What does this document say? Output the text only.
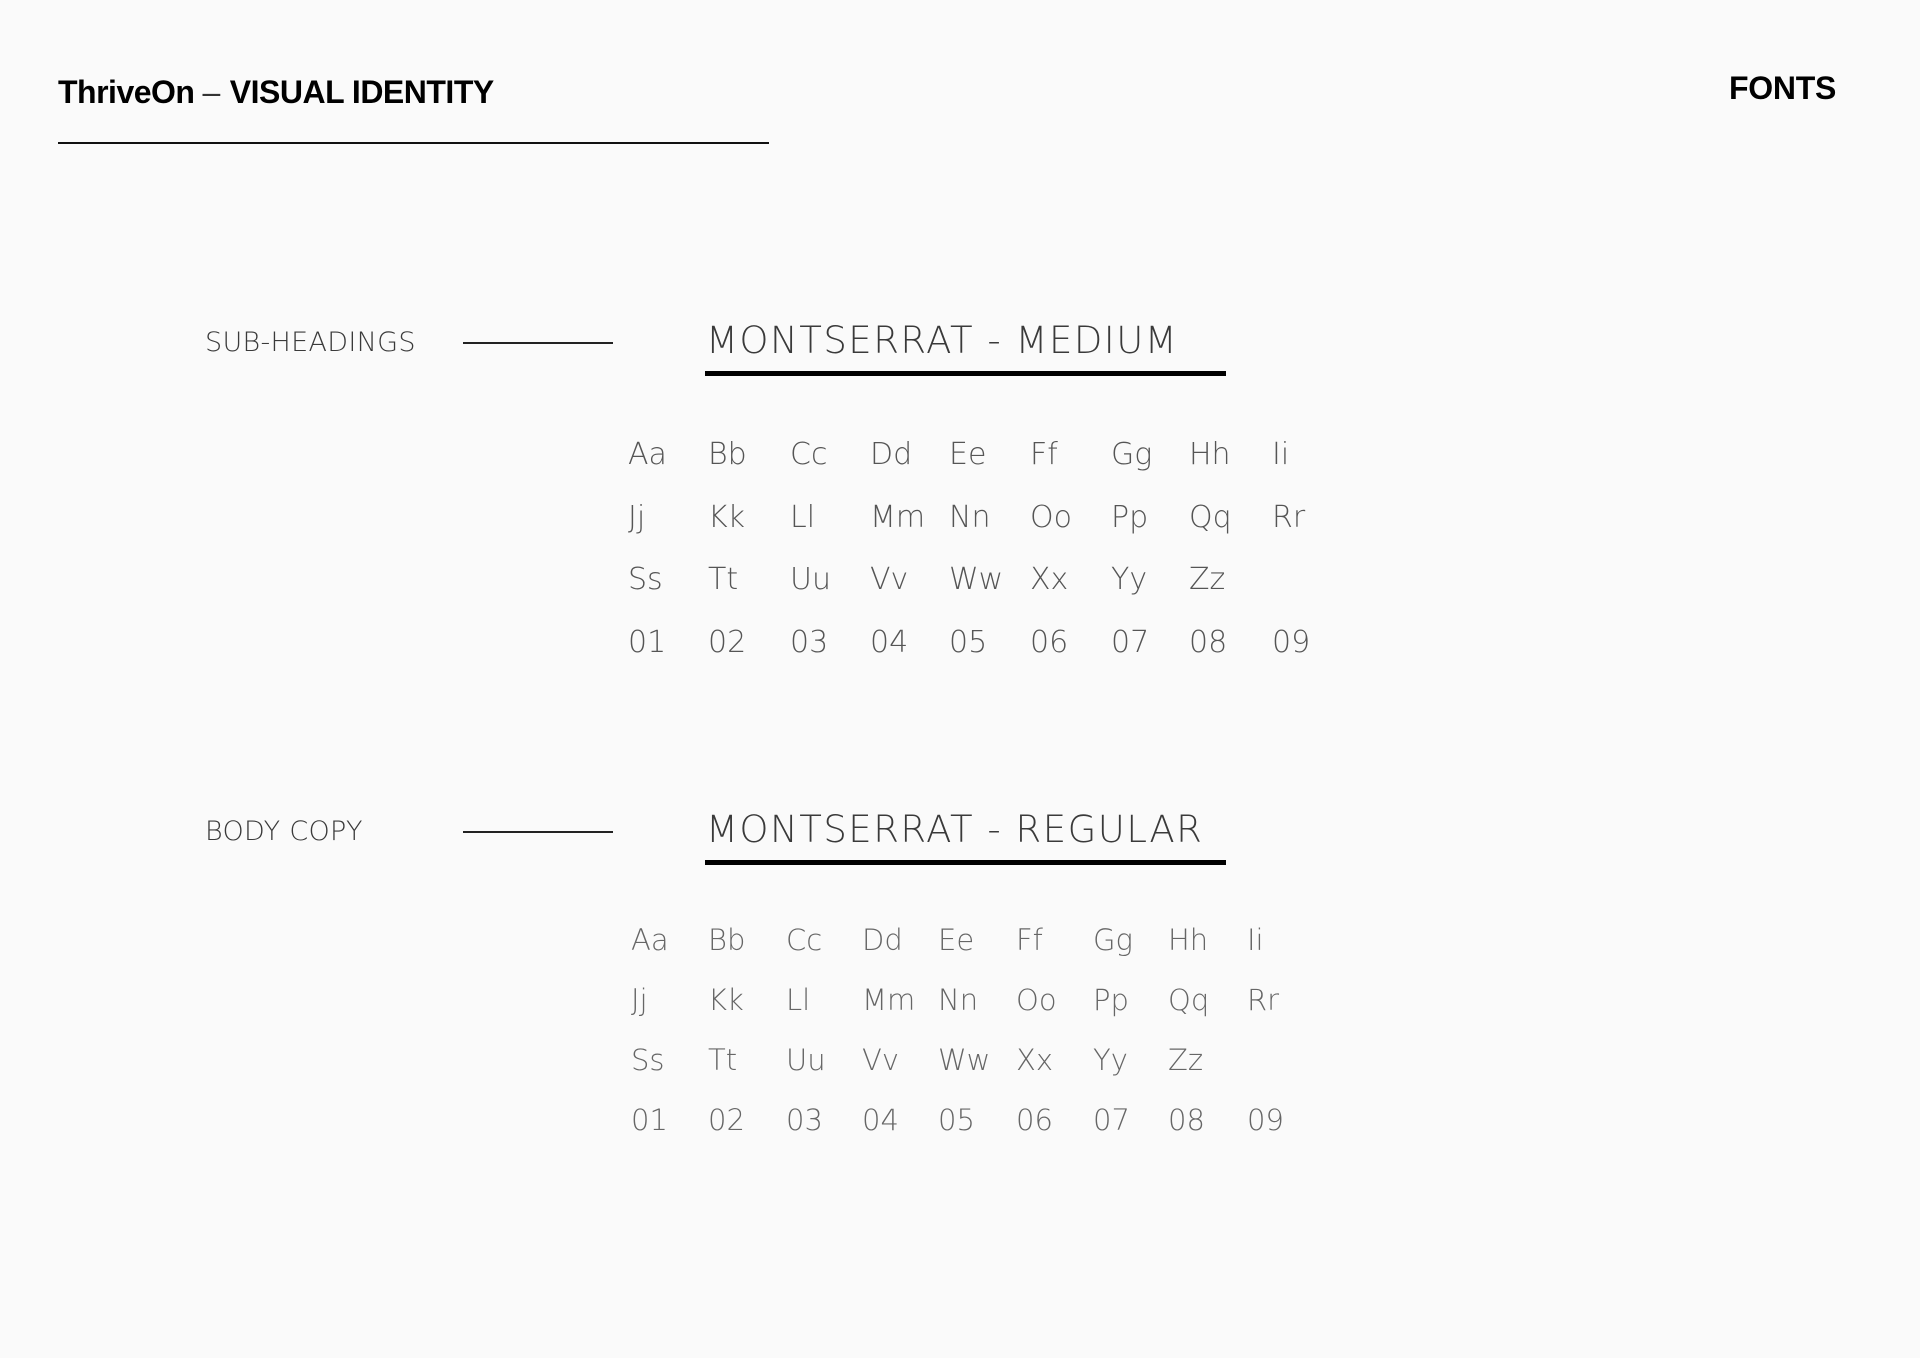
ThriveOn – VISUAL IDENTITY	FONTS
SUB-HEADINGS	MONTSERRAT - MEDIUM
Aa Bb Cc Dd Ee Ff Gg Hh Ii
Jj Kk Ll Mm Nn Oo Pp Qq Rr
Ss Tt Uu Vv Ww Xx Yy Zz
01 02 03 04 05 06 07 08 09
BODY COPY	MONTSERRAT - REGULAR
Aa Bb Cc Dd Ee Ff Gg Hh Ii
Jj Kk Ll Mm Nn Oo Pp Qq Rr
Ss Tt Uu Vv Ww Xx Yy Zz
01 02 03 04 05 06 07 08 09
